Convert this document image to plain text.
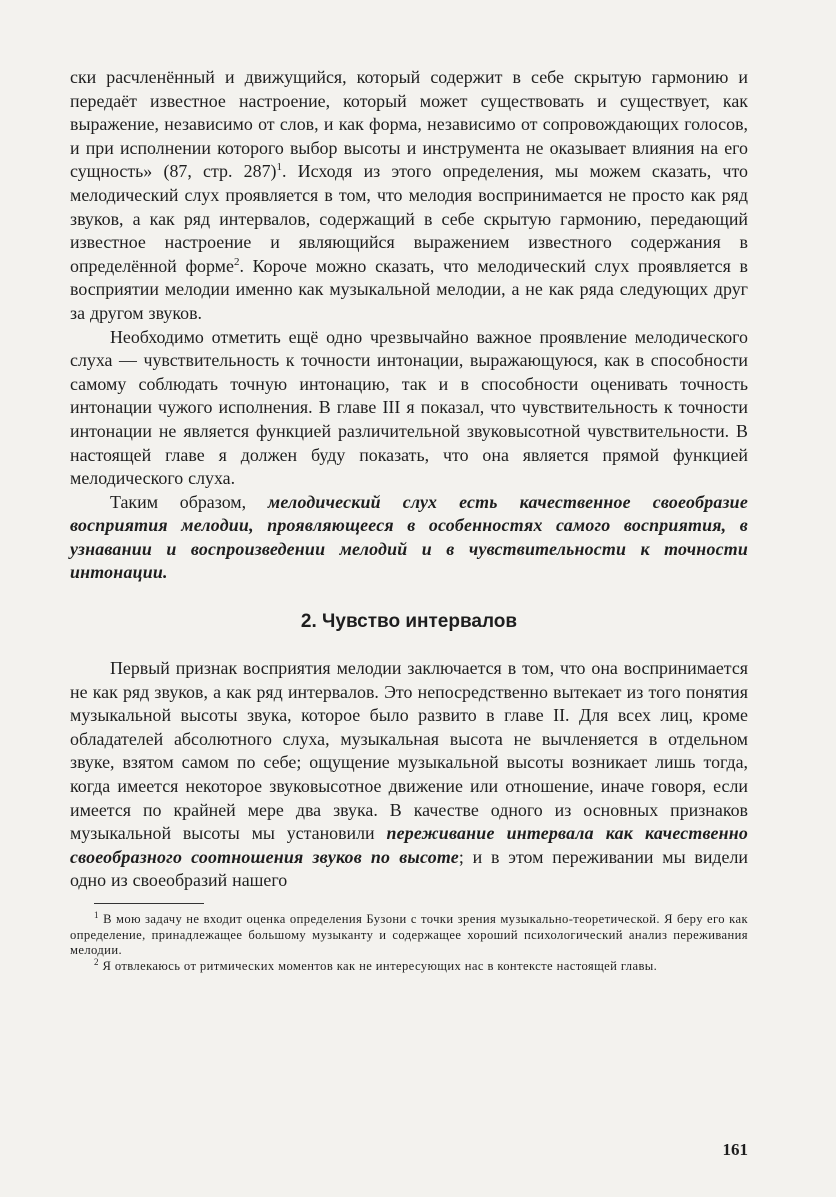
ски расчленённый и движущийся, который содержит в себе скрытую гармонию и передаёт известное настроение, который может существовать и существует, как выражение, независимо от слов, и как форма, независимо от сопровождающих голосов, и при исполнении которого выбор высоты и инструмента не оказывает влияния на его сущность» (87, стр. 287)$^1$. Исходя из этого определения, мы можем сказать, что мелодический слух проявляется в том, что мелодия воспринимается не просто как ряд звуков, а как ряд интервалов, содержащий в себе скрытую гармонию, передающий известное настроение и являющийся выражением известного содержания в определённой форме$^2$. Короче можно сказать, что мелодический слух проявляется в восприятии мелодии именно как музыкальной мелодии, а не как ряда следующих друг за другом звуков.

Необходимо отметить ещё одно чрезвычайно важное проявление мелодического слуха — чувствительность к точности интонации, выражающуюся, как в способности самому соблюдать точную интонацию, так и в способности оценивать точность интонации чужого исполнения. В главе III я показал, что чувствительность к точности интонации не является функцией различительной звуковысотной чувствительности. В настоящей главе я должен буду показать, что она является прямой функцией мелодического слуха.

Таким образом, мелодический слух есть качественное своеобразие восприятия мелодии, проявляющееся в особенностях самого восприятия, в узнавании и воспроизведении мелодий и в чувствительности к точности интонации.

2. Чувство интервалов

Первый признак восприятия мелодии заключается в том, что она воспринимается не как ряд звуков, а как ряд интервалов. Это непосредственно вытекает из того понятия музыкальной высоты звука, которое было развито в главе II. Для всех лиц, кроме обладателей абсолютного слуха, музыкальная высота не вычленяется в отдельном звуке, взятом самом по себе; ощущение музыкальной высоты возникает лишь тогда, когда имеется некоторое звуковысотное движение или отношение, иначе говоря, если имеется по крайней мере два звука. В качестве одного из основных признаков музыкальной высоты мы установили переживание интервала как качественно своеобразного соотношения звуков по высоте; и в этом переживании мы видели одно из своеобразий нашего

$^1$ В мою задачу не входит оценка определения Бузони с точки зрения музыкально-теоретической. Я беру его как определение, принадлежащее большому музыканту и содержащее хороший психологический анализ переживания мелодии.

$^2$ Я отвлекаюсь от ритмических моментов как не интересующих нас в контексте настоящей главы.

161
